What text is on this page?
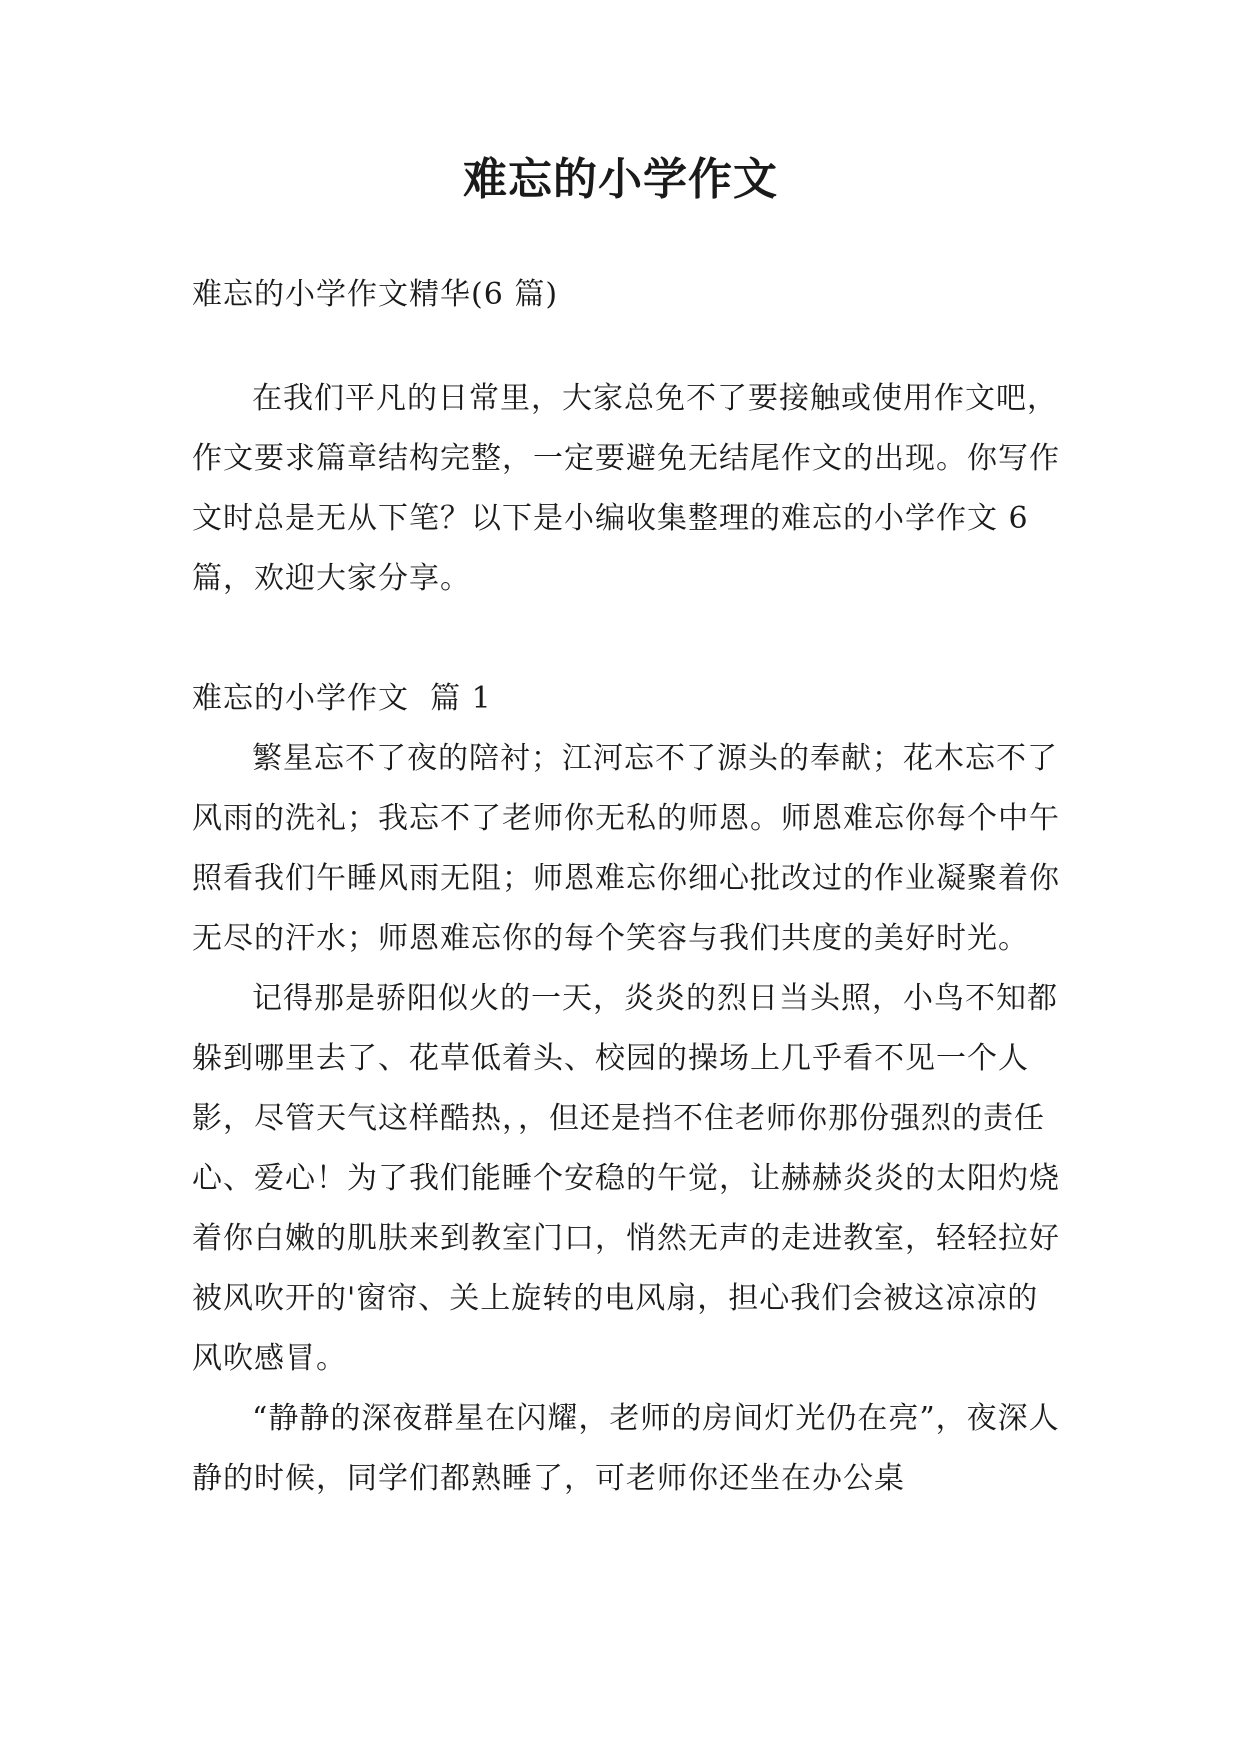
难忘的小学作文

难忘的小学作文精华(6 篇)

在我们平凡的日常里，大家总免不了要接触或使用作文吧，作文要求篇章结构完整，一定要避免无结尾作文的出现。你写作文时总是无从下笔？以下是小编收集整理的难忘的小学作文 6 篇，欢迎大家分享。

难忘的小学作文  篇 1

繁星忘不了夜的陪衬；江河忘不了源头的奉献；花木忘不了风雨的洗礼；我忘不了老师你无私的师恩。师恩难忘你每个中午照看我们午睡风雨无阻；师恩难忘你细心批改过的作业凝聚着你无尽的汗水；师恩难忘你的每个笑容与我们共度的美好时光。

记得那是骄阳似火的一天，炎炎的烈日当头照，小鸟不知都躲到哪里去了、花草低着头、校园的操场上几乎看不见一个人影，尽管天气这样酷热，，但还是挡不住老师你那份强烈的责任心、爱心！为了我们能睡个安稳的午觉，让赫赫炎炎的太阳灼烧着你白嫩的肌肤来到教室门口，悄然无声的走进教室，轻轻拉好被风吹开的'窗帘、关上旋转的电风扇，担心我们会被这凉凉的风吹感冒。

“静静的深夜群星在闪耀，老师的房间灯光仍在亮”，夜深人静的时候，同学们都熟睡了，可老师你还坐在办公桌
